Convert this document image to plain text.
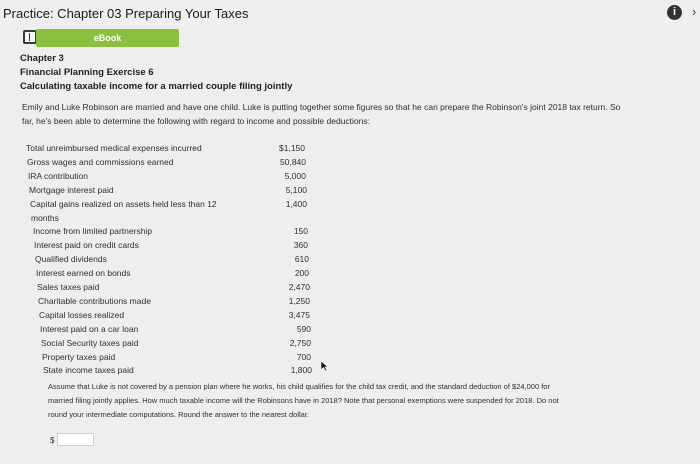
Practice: Chapter 03 Preparing Your Taxes	i	›
eBook
Chapter 3
Financial Planning Exercise 6
Calculating taxable income for a married couple filing jointly
Emily and Luke Robinson are married and have one child. Luke is putting together some figures so that he can prepare the Robinson's joint 2018 tax return. So
far, he's been able to determine the following with regard to income and possible deductions:
Total unreimbursed medical expenses incurred	$1,150
Gross wages and commissions earned	50,840
IRA contribution	5,000
Mortgage interest paid	5,100
Capital gains realized on assets held less than 12	1,400
months
Income from limited partnership	150
Interest paid on credit cards	360
Qualified dividends	610
Interest earned on bonds	200
Sales taxes paid	2,470
Charitable contributions made	1,250
Capital losses realized	3,475
Interest paid on a car loan	590
Social Security taxes paid	2,750
Property taxes paid	700
State income taxes paid	1,800
Assume that Luke is not covered by a pension plan where he works, his child qualifies for the child tax credit, and the standard deduction of $24,000 for
married filing jointly applies. How much taxable income will the Robinsons have in 2018? Note that personal exemptions were suspended for 2018. Do not
round your intermediate computations. Round the answer to the nearest dollar.
$
